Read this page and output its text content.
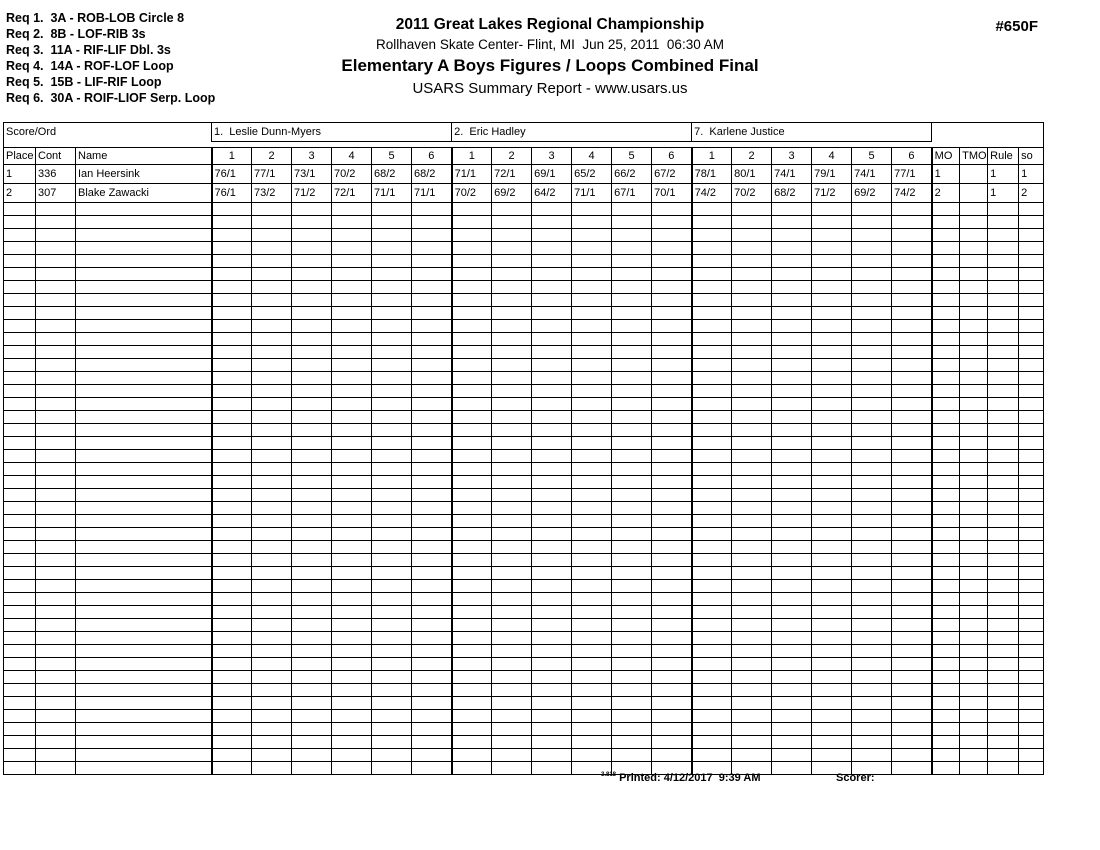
Req 1.  3A - ROB-LOB Circle 8
Req 2.  8B - LOF-RIB 3s
Req 3.  11A - RIF-LIF Dbl. 3s
Req 4.  14A - ROF-LOF Loop
Req 5.  15B - LIF-RIF Loop
Req 6.  30A - ROIF-LIOF Serp. Loop
2011 Great Lakes Regional Championship
Rollhaven Skate Center- Flint, MI  Jun 25, 2011  06:30 AM
Elementary A Boys Figures / Loops Combined Final
USARS Summary Report - www.usars.us
#650F
Score/Ord			1.  Leslie Dunn-Myers						2.  Eric Hadley						7.  Karlene Justice									

Place	Cont	Name	1	2	3	4	5	6	1	2	3	4	5	6	1	2	3	4	5	6	MO	TMO	Rule	so
1	336	Ian Heersink	76/1	77/1	73/1	70/2	68/2	68/2	71/1	72/1	69/1	65/2	66/2	67/2	78/1	80/1	74/1	79/1	74/1	77/1	1		1	1
2	307	Blake Zawacki	76/1	73/2	71/2	72/1	71/1	71/1	70/2	69/2	64/2	71/1	67/1	70/1	74/2	70/2	68/2	71/2	69/2	74/2	2		1	2

$^{3.818}$ Printed: 4/12/2017  9:39 AM	Scorer:
